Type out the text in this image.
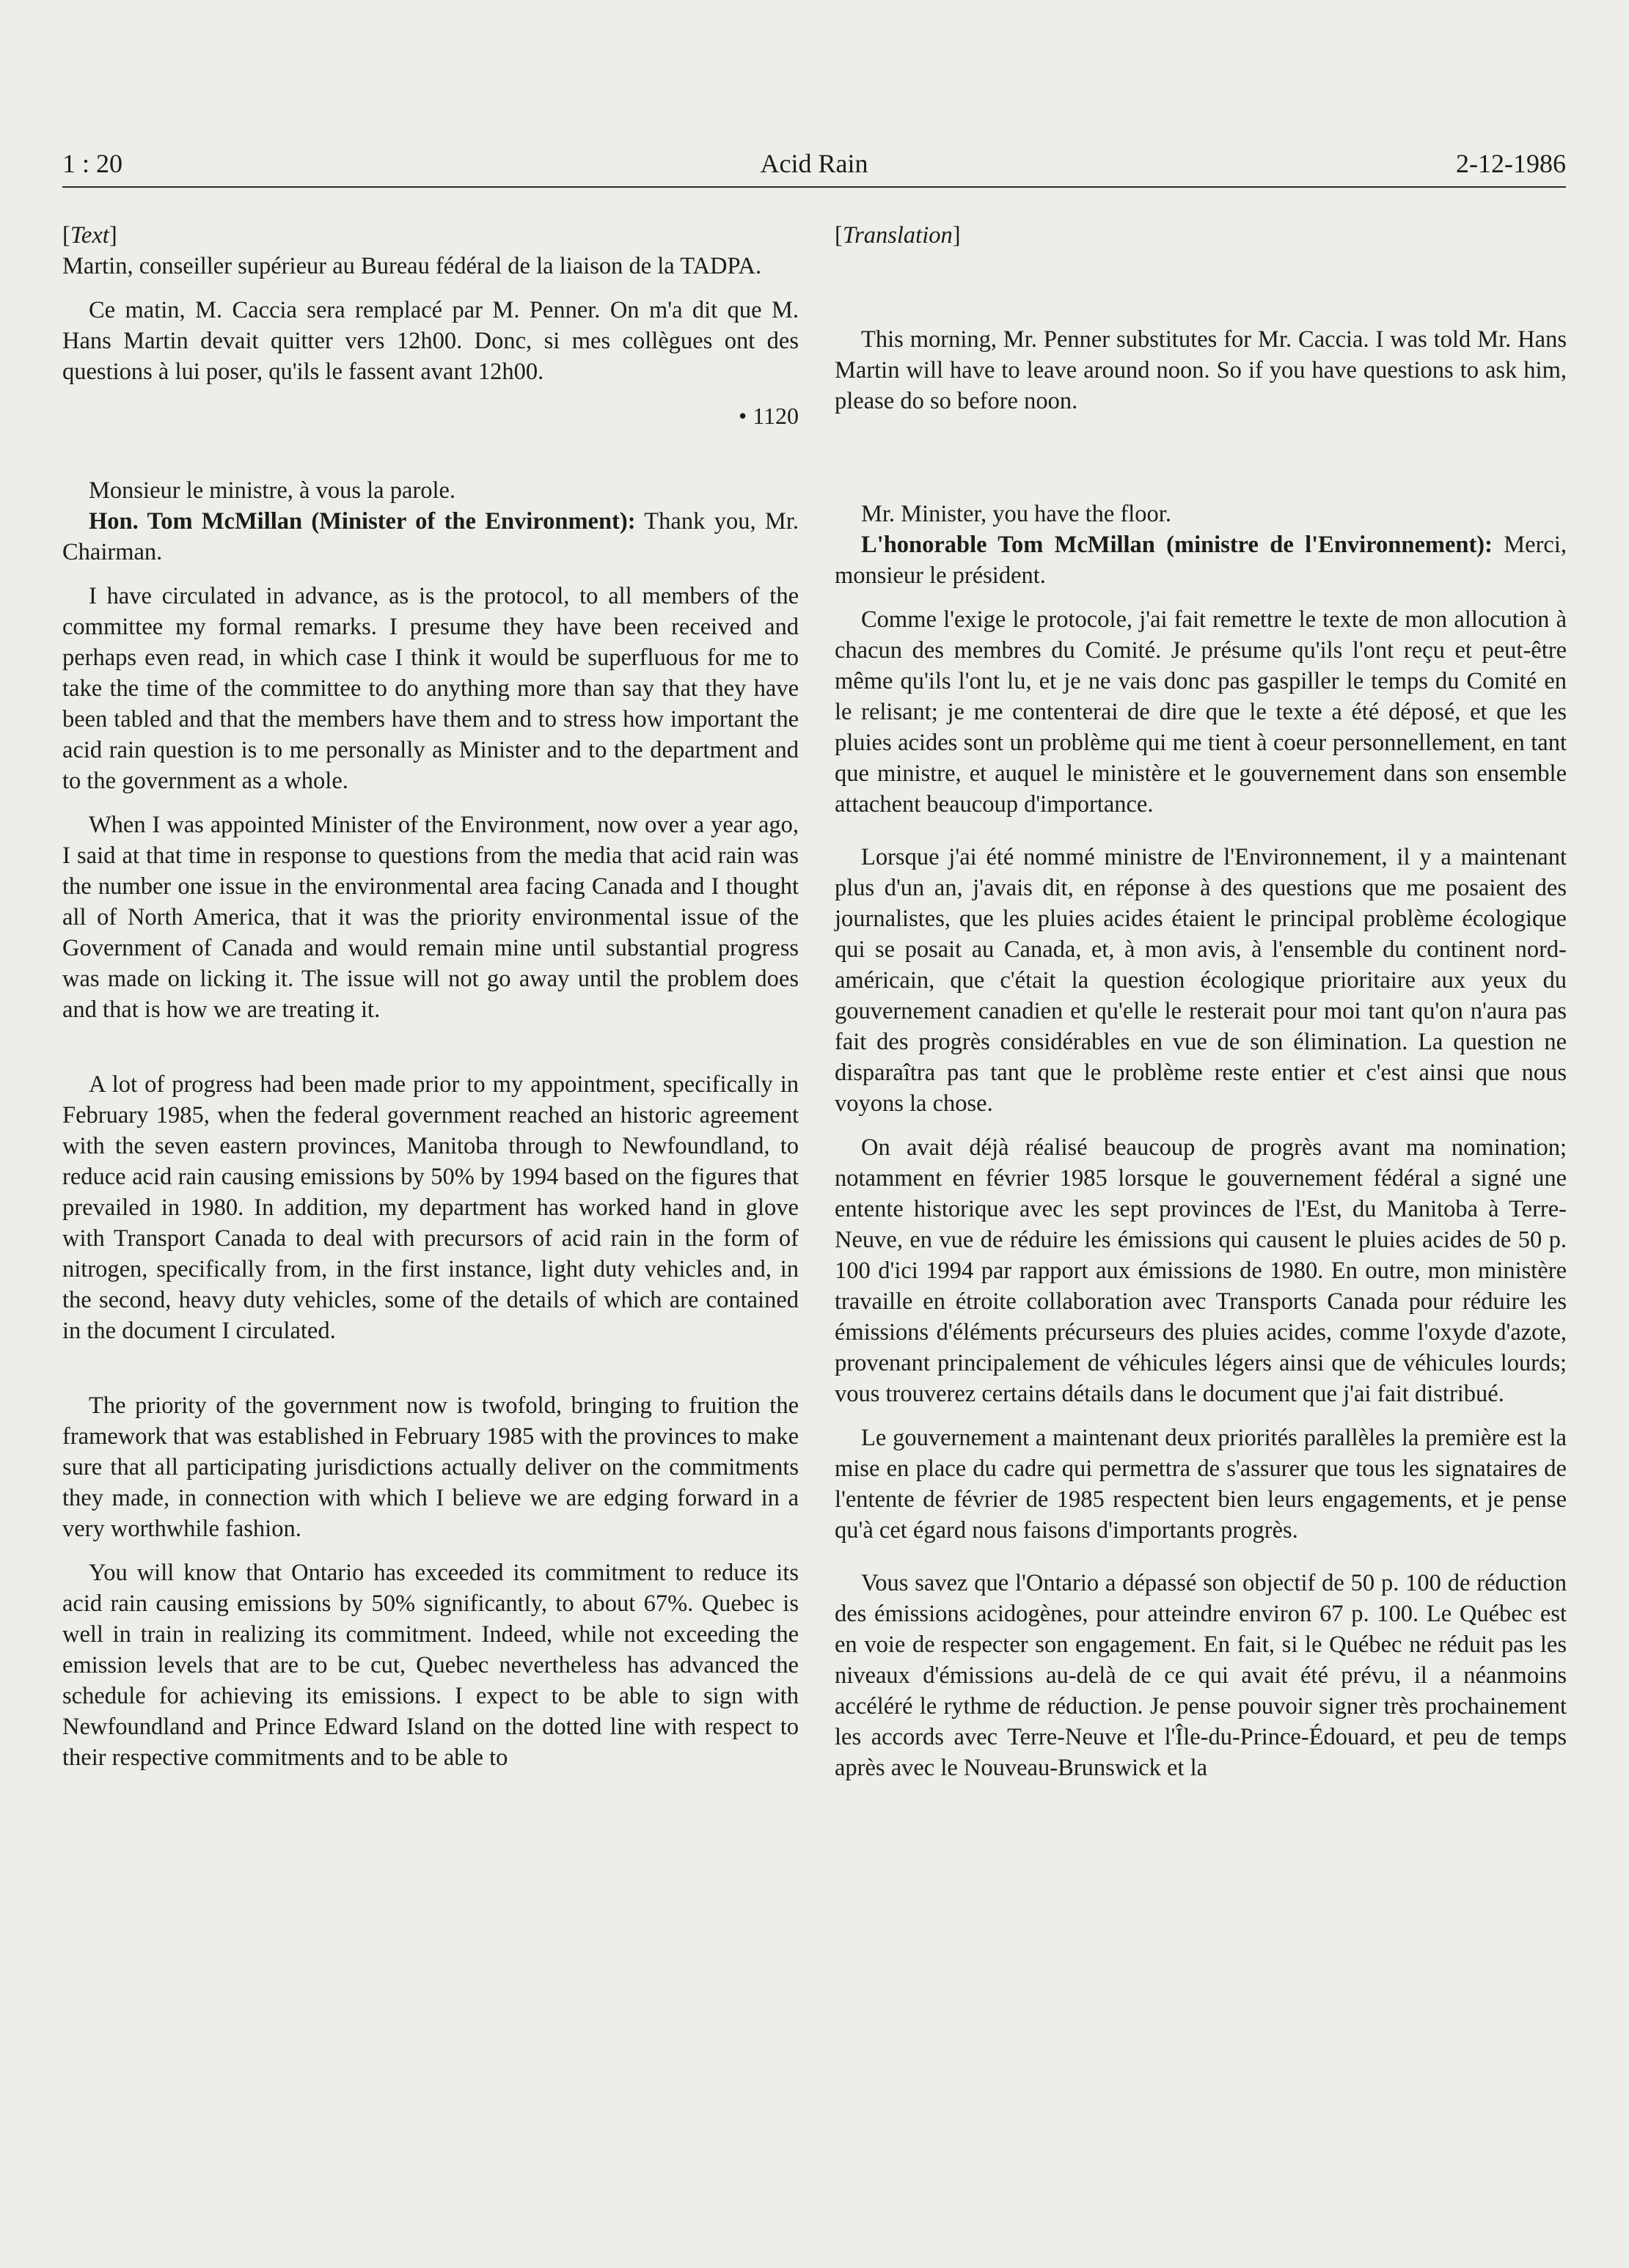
1 : 20	Acid Rain	2-12-1986

[Text]

Martin, conseiller supérieur au Bureau fédéral de la liaison de la TADPA.

Ce matin, M. Caccia sera remplacé par M. Penner. On m'a dit que M. Hans Martin devait quitter vers 12h00. Donc, si mes collègues ont des questions à lui poser, qu'ils le fassent avant 12h00.

• 1120

Monsieur le ministre, à vous la parole.

Hon. Tom McMillan (Minister of the Environment): Thank you, Mr. Chairman.

I have circulated in advance, as is the protocol, to all members of the committee my formal remarks. I presume they have been received and perhaps even read, in which case I think it would be superfluous for me to take the time of the committee to do anything more than say that they have been tabled and that the members have them and to stress how important the acid rain question is to me personally as Minister and to the department and to the government as a whole.

When I was appointed Minister of the Environment, now over a year ago, I said at that time in response to questions from the media that acid rain was the number one issue in the environmental area facing Canada and I thought all of North America, that it was the priority environmental issue of the Government of Canada and would remain mine until substantial progress was made on licking it. The issue will not go away until the problem does and that is how we are treating it.

A lot of progress had been made prior to my appointment, specifically in February 1985, when the federal government reached an historic agreement with the seven eastern provinces, Manitoba through to Newfoundland, to reduce acid rain causing emissions by 50% by 1994 based on the figures that prevailed in 1980. In addition, my department has worked hand in glove with Transport Canada to deal with precursors of acid rain in the form of nitrogen, specifically from, in the first instance, light duty vehicles and, in the second, heavy duty vehicles, some of the details of which are contained in the document I circulated.

The priority of the government now is twofold, bringing to fruition the framework that was established in February 1985 with the provinces to make sure that all participating jurisdictions actually deliver on the commitments they made, in connection with which I believe we are edging forward in a very worthwhile fashion.

You will know that Ontario has exceeded its commitment to reduce its acid rain causing emissions by 50% significantly, to about 67%. Quebec is well in train in realizing its commitment. Indeed, while not exceeding the emission levels that are to be cut, Quebec nevertheless has advanced the schedule for achieving its emissions. I expect to be able to sign with Newfoundland and Prince Edward Island on the dotted line with respect to their respective commitments and to be able to

[Translation]

This morning, Mr. Penner substitutes for Mr. Caccia. I was told Mr. Hans Martin will have to leave around noon. So if you have questions to ask him, please do so before noon.

Mr. Minister, you have the floor.

L'honorable Tom McMillan (ministre de l'Environnement): Merci, monsieur le président.

Comme l'exige le protocole, j'ai fait remettre le texte de mon allocution à chacun des membres du Comité. Je présume qu'ils l'ont reçu et peut-être même qu'ils l'ont lu, et je ne vais donc pas gaspiller le temps du Comité en le relisant; je me contenterai de dire que le texte a été déposé, et que les pluies acides sont un problème qui me tient à coeur personnellement, en tant que ministre, et auquel le ministère et le gouvernement dans son ensemble attachent beaucoup d'importance.

Lorsque j'ai été nommé ministre de l'Environnement, il y a maintenant plus d'un an, j'avais dit, en réponse à des questions que me posaient des journalistes, que les pluies acides étaient le principal problème écologique qui se posait au Canada, et, à mon avis, à l'ensemble du continent nord-américain, que c'était la question écologique prioritaire aux yeux du gouvernement canadien et qu'elle le resterait pour moi tant qu'on n'aura pas fait des progrès considérables en vue de son élimination. La question ne disparaîtra pas tant que le problème reste entier et c'est ainsi que nous voyons la chose.

On avait déjà réalisé beaucoup de progrès avant ma nomination; notamment en février 1985 lorsque le gouvernement fédéral a signé une entente historique avec les sept provinces de l'Est, du Manitoba à Terre-Neuve, en vue de réduire les émissions qui causent le pluies acides de 50 p. 100 d'ici 1994 par rapport aux émissions de 1980. En outre, mon ministère travaille en étroite collaboration avec Transports Canada pour réduire les émissions d'éléments précurseurs des pluies acides, comme l'oxyde d'azote, provenant principalement de véhicules légers ainsi que de véhicules lourds; vous trouverez certains détails dans le document que j'ai fait distribué.

Le gouvernement a maintenant deux priorités parallèles la première est la mise en place du cadre qui permettra de s'assurer que tous les signataires de l'entente de février de 1985 respectent bien leurs engagements, et je pense qu'à cet égard nous faisons d'importants progrès.

Vous savez que l'Ontario a dépassé son objectif de 50 p. 100 de réduction des émissions acidogènes, pour atteindre environ 67 p. 100. Le Québec est en voie de respecter son engagement. En fait, si le Québec ne réduit pas les niveaux d'émissions au-delà de ce qui avait été prévu, il a néanmoins accéléré le rythme de réduction. Je pense pouvoir signer très prochainement les accords avec Terre-Neuve et l'Île-du-Prince-Édouard, et peu de temps après avec le Nouveau-Brunswick et la
